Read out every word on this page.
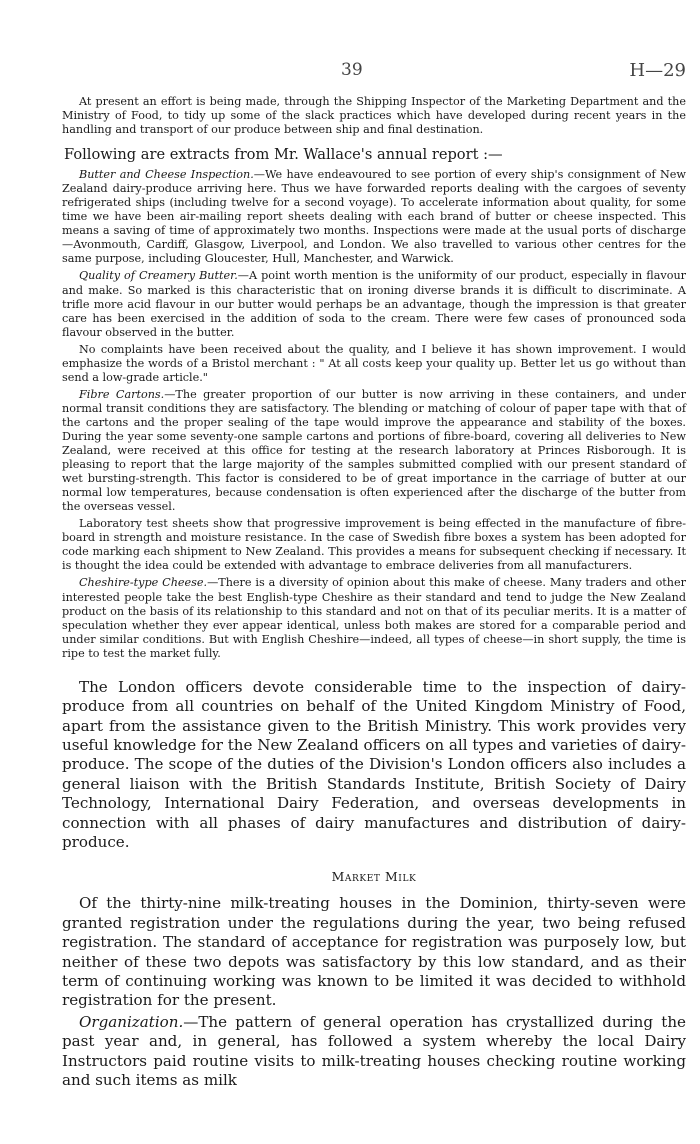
39	H—29

At present an effort is being made, through the Shipping Inspector of the Marketing Department and the Ministry of Food, to tidy up some of the slack practices which have developed during recent years in the handling and transport of our produce between ship and final destination.

Following are extracts from Mr. Wallace's annual report :—

Butter and Cheese Inspection.—We have endeavoured to see portion of every ship's consignment of New Zealand dairy-produce arriving here. Thus we have forwarded reports dealing with the cargoes of seventy refrigerated ships (including twelve for a second voyage). To accelerate information about quality, for some time we have been air-mailing report sheets dealing with each brand of butter or cheese inspected. This means a saving of time of approximately two months. Inspections were made at the usual ports of discharge—Avonmouth, Cardiff, Glasgow, Liverpool, and London. We also travelled to various other centres for the same purpose, including Gloucester, Hull, Manchester, and Warwick.

Quality of Creamery Butter.—A point worth mention is the uniformity of our product, especially in flavour and make. So marked is this characteristic that on ironing diverse brands it is difficult to discriminate. A trifle more acid flavour in our butter would perhaps be an advantage, though the impression is that greater care has been exercised in the addition of soda to the cream. There were few cases of pronounced soda flavour observed in the butter.

No complaints have been received about the quality, and I believe it has shown improvement. I would emphasize the words of a Bristol merchant : " At all costs keep your quality up. Better let us go without than send a low-grade article."

Fibre Cartons.—The greater proportion of our butter is now arriving in these containers, and under normal transit conditions they are satisfactory. The blending or matching of colour of paper tape with that of the cartons and the proper sealing of the tape would improve the appearance and stability of the boxes. During the year some seventy-one sample cartons and portions of fibre-board, covering all deliveries to New Zealand, were received at this office for testing at the research laboratory at Princes Risborough. It is pleasing to report that the large majority of the samples submitted complied with our present standard of wet bursting-strength. This factor is considered to be of great importance in the carriage of butter at our normal low temperatures, because condensation is often experienced after the discharge of the butter from the overseas vessel.

Laboratory test sheets show that progressive improvement is being effected in the manufacture of fibre-board in strength and moisture resistance. In the case of Swedish fibre boxes a system has been adopted for code marking each shipment to New Zealand. This provides a means for subsequent checking if necessary. It is thought the idea could be extended with advantage to embrace deliveries from all manufacturers.

Cheshire-type Cheese.—There is a diversity of opinion about this make of cheese. Many traders and other interested people take the best English-type Cheshire as their standard and tend to judge the New Zealand product on the basis of its relationship to this standard and not on that of its peculiar merits. It is a matter of speculation whether they ever appear identical, unless both makes are stored for a comparable period and under similar conditions. But with English Cheshire—indeed, all types of cheese—in short supply, the time is ripe to test the market fully.

The London officers devote considerable time to the inspection of dairy-produce from all countries on behalf of the United Kingdom Ministry of Food, apart from the assistance given to the British Ministry. This work provides very useful knowledge for the New Zealand officers on all types and varieties of dairy-produce. The scope of the duties of the Division's London officers also includes a general liaison with the British Standards Institute, British Society of Dairy Technology, International Dairy Federation, and overseas developments in connection with all phases of dairy manufactures and distribution of dairy-produce.

Market Milk

Of the thirty-nine milk-treating houses in the Dominion, thirty-seven were granted registration under the regulations during the year, two being refused registration. The standard of acceptance for registration was purposely low, but neither of these two depots was satisfactory by this low standard, and as their term of continuing working was known to be limited it was decided to withhold registration for the present.

Organization.—The pattern of general operation has crystallized during the past year and, in general, has followed a system whereby the local Dairy Instructors paid routine visits to milk-treating houses checking routine working and such items as milk
